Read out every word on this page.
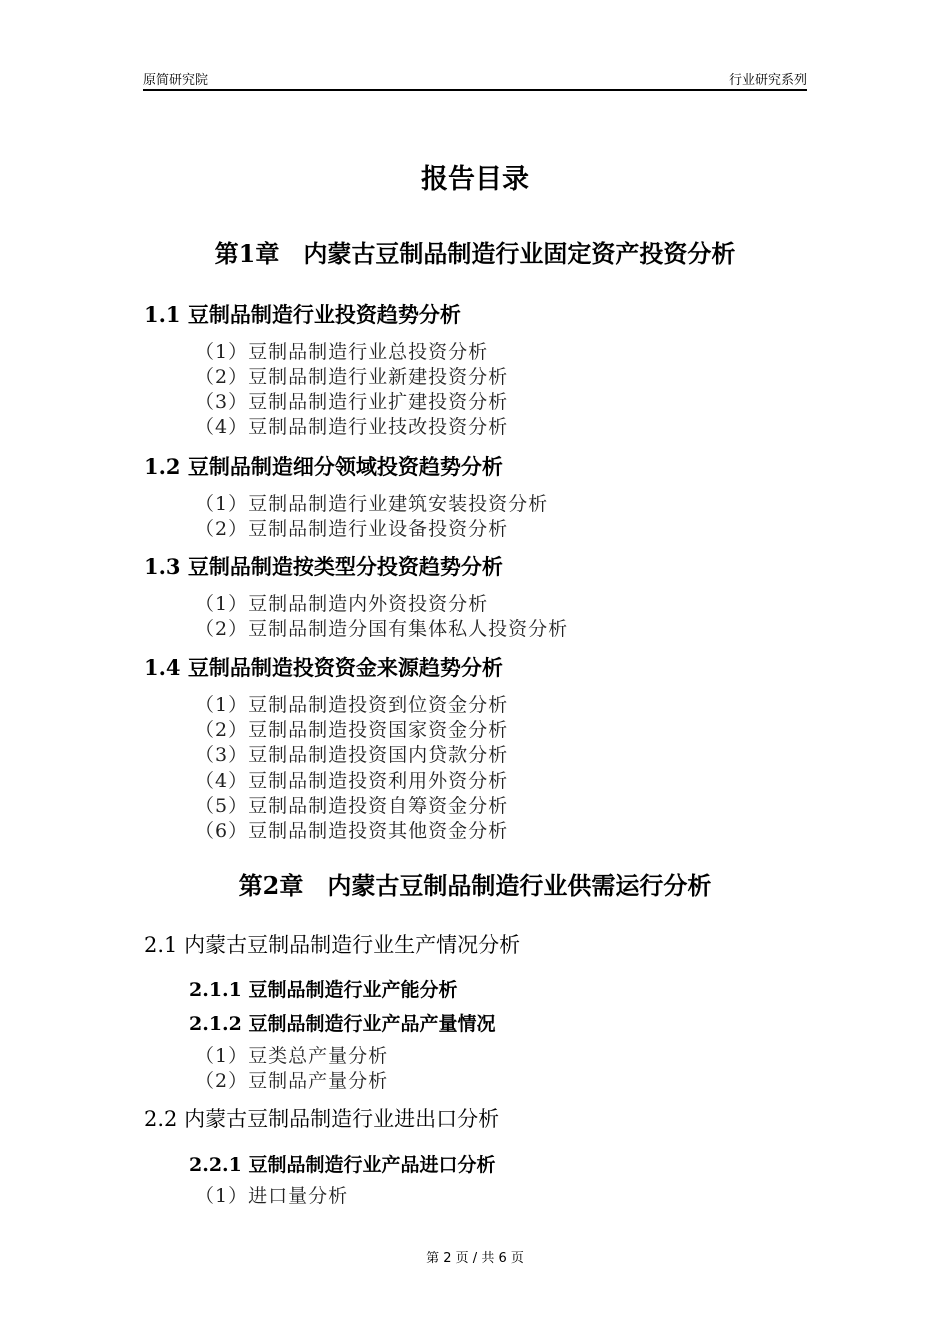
原简研究院	行业研究系列
报告目录
第1章 内蒙古豆制品制造行业固定资产投资分析
1.1 豆制品制造行业投资趋势分析
（1）豆制品制造行业总投资分析
（2）豆制品制造行业新建投资分析
（3）豆制品制造行业扩建投资分析
（4）豆制品制造行业技改投资分析
1.2 豆制品制造细分领域投资趋势分析
（1）豆制品制造行业建筑安装投资分析
（2）豆制品制造行业设备投资分析
1.3 豆制品制造按类型分投资趋势分析
（1）豆制品制造内外资投资分析
（2）豆制品制造分国有集体私人投资分析
1.4 豆制品制造投资资金来源趋势分析
（1）豆制品制造投资到位资金分析
（2）豆制品制造投资国家资金分析
（3）豆制品制造投资国内贷款分析
（4）豆制品制造投资利用外资分析
（5）豆制品制造投资自筹资金分析
（6）豆制品制造投资其他资金分析
第2章 内蒙古豆制品制造行业供需运行分析
2.1 内蒙古豆制品制造行业生产情况分析
2.1.1 豆制品制造行业产能分析
2.1.2 豆制品制造行业产品产量情况
（1）豆类总产量分析
（2）豆制品产量分析
2.2 内蒙古豆制品制造行业进出口分析
2.2.1 豆制品制造行业产品进口分析
（1）进口量分析
第 2 页 / 共 6 页
